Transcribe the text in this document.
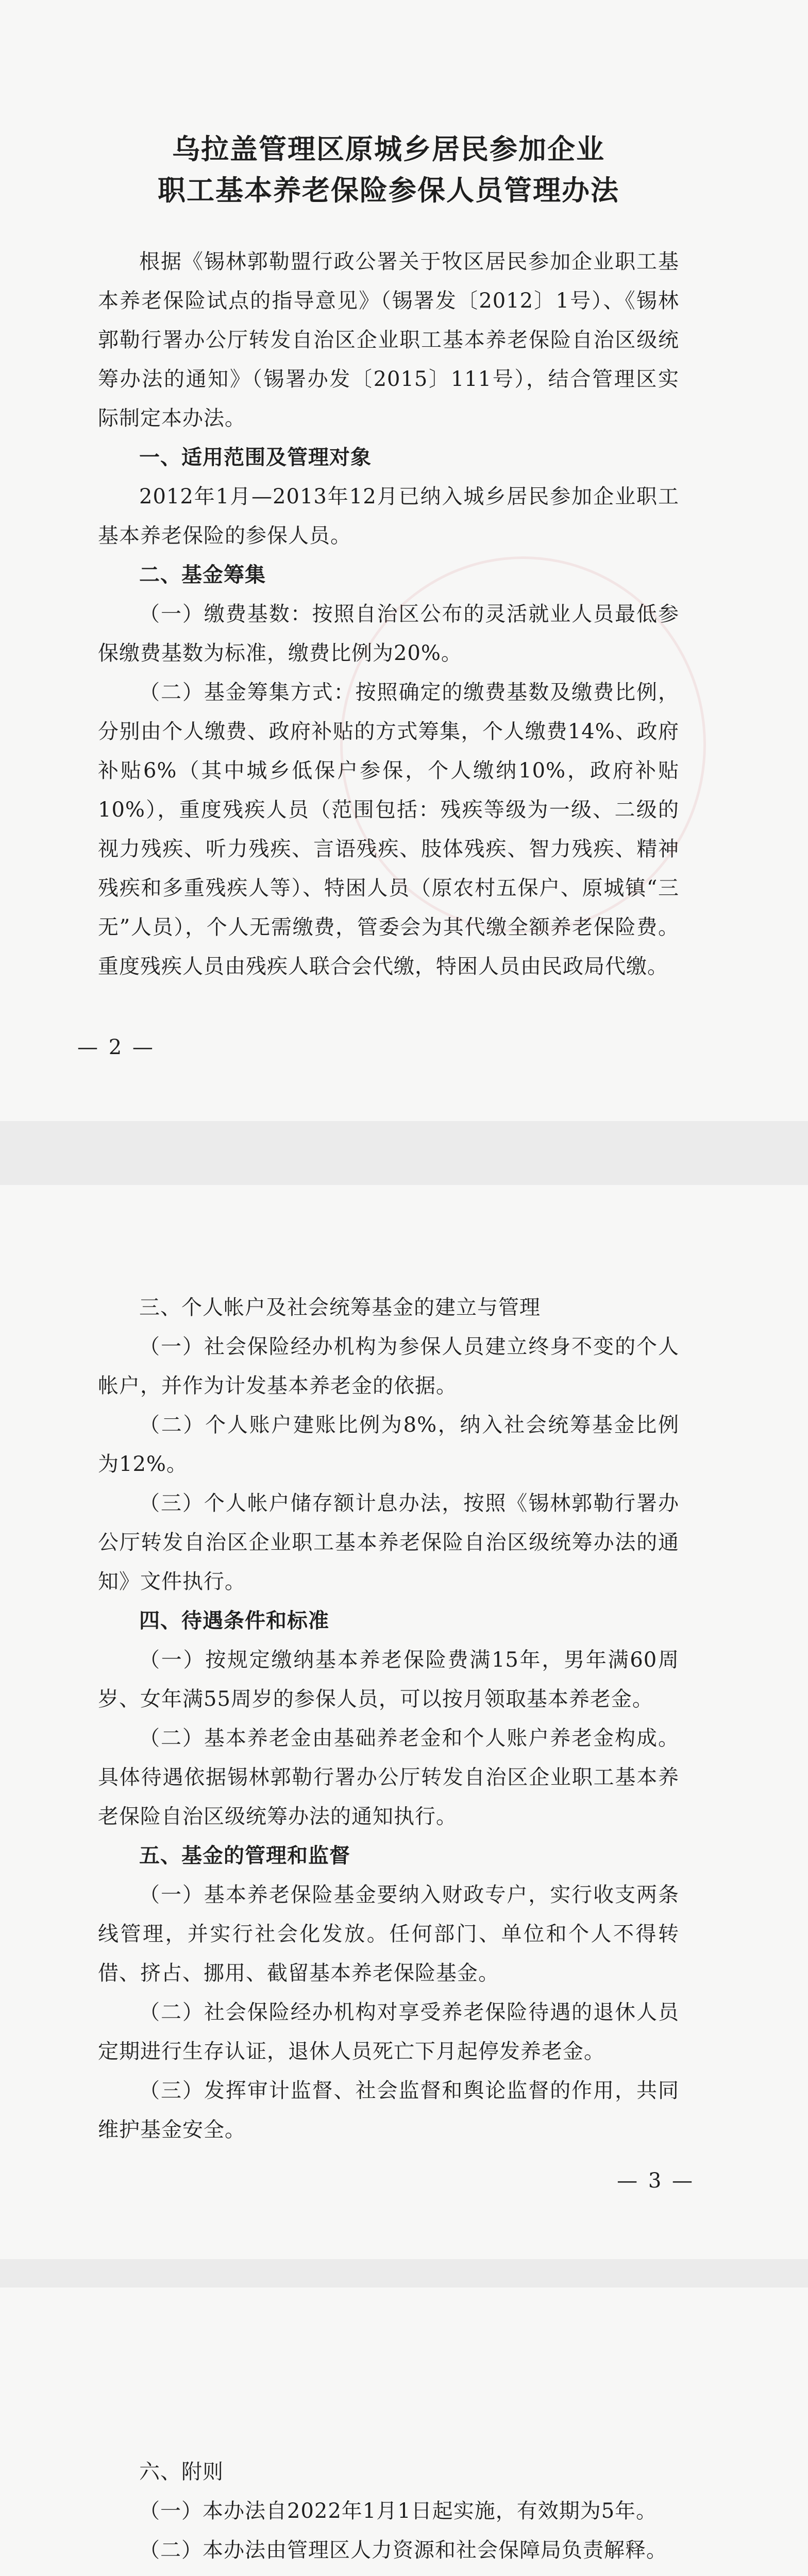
乌拉盖管理区原城乡居民参加企业
职工基本养老保险参保人员管理办法

根据《锡林郭勒盟行政公署关于牧区居民参加企业职工基本养老保险试点的指导意见》（锡署发〔2012〕1号）、《锡林郭勒行署办公厅转发自治区企业职工基本养老保险自治区级统筹办法的通知》（锡署办发〔2015〕111号），结合管理区实际制定本办法。

一、适用范围及管理对象

2012年1月—2013年12月已纳入城乡居民参加企业职工基本养老保险的参保人员。

二、基金筹集

（一）缴费基数：按照自治区公布的灵活就业人员最低参保缴费基数为标准，缴费比例为20%。

（二）基金筹集方式：按照确定的缴费基数及缴费比例，分别由个人缴费、政府补贴的方式筹集，个人缴费14%、政府补贴6%（其中城乡低保户参保，个人缴纳10%，政府补贴10%），重度残疾人员（范围包括：残疾等级为一级、二级的视力残疾、听力残疾、言语残疾、肢体残疾、智力残疾、精神残疾和多重残疾人等）、特困人员（原农村五保户、原城镇“三无”人员），个人无需缴费，管委会为其代缴全额养老保险费。重度残疾人员由残疾人联合会代缴，特困人员由民政局代缴。

— 2 —

三、个人帐户及社会统筹基金的建立与管理

（一）社会保险经办机构为参保人员建立终身不变的个人帐户，并作为计发基本养老金的依据。

（二）个人账户建账比例为8%，纳入社会统筹基金比例为12%。

（三）个人帐户储存额计息办法，按照《锡林郭勒行署办公厅转发自治区企业职工基本养老保险自治区级统筹办法的通知》文件执行。

四、待遇条件和标准

（一）按规定缴纳基本养老保险费满15年，男年满60周岁、女年满55周岁的参保人员，可以按月领取基本养老金。

（二）基本养老金由基础养老金和个人账户养老金构成。具体待遇依据锡林郭勒行署办公厅转发自治区企业职工基本养老保险自治区级统筹办法的通知执行。

五、基金的管理和监督

（一）基本养老保险基金要纳入财政专户，实行收支两条线管理，并实行社会化发放。任何部门、单位和个人不得转借、挤占、挪用、截留基本养老保险基金。

（二）社会保险经办机构对享受养老保险待遇的退休人员定期进行生存认证，退休人员死亡下月起停发养老金。

（三）发挥审计监督、社会监督和舆论监督的作用，共同维护基金安全。

— 3 —

六、附则

（一）本办法自2022年1月1日起实施，有效期为5年。

（二）本办法由管理区人力资源和社会保障局负责解释。
